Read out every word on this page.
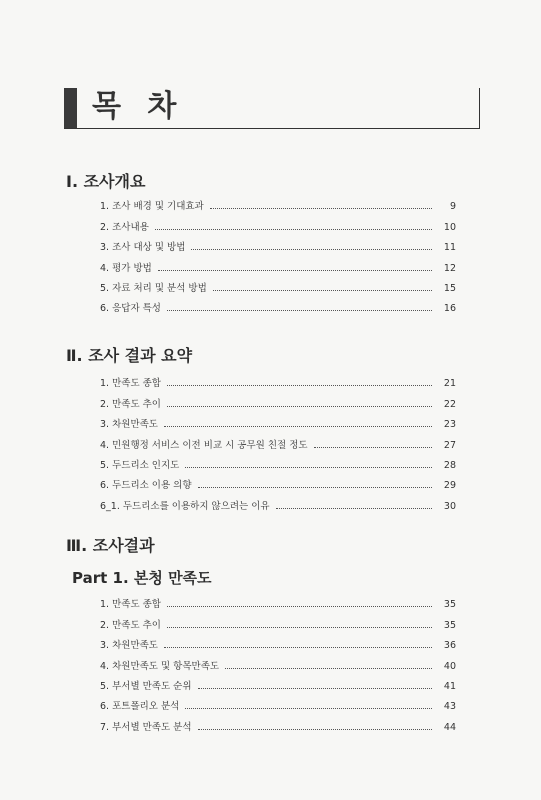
목 차
Ⅰ. 조사개요
1. 조사 배경 및 기대효과	9
2. 조사내용	10
3. 조사 대상 및 방법	11
4. 평가 방법	12
5. 자료 처리 및 분석 방법	15
6. 응답자 특성	16
Ⅱ. 조사 결과 요약
1. 만족도 종합	21
2. 만족도 추이	22
3. 차원만족도	23
4. 민원행정 서비스 이전 비교 시 공무원 친절 정도	27
5. 두드리소 인지도	28
6. 두드리소 이용 의향	29
6_1. 두드리소를 이용하지 않으려는 이유	30
Ⅲ. 조사결과
Part 1. 본청 만족도
1. 만족도 종합	35
2. 만족도 추이	35
3. 차원만족도	36
4. 차원만족도 및 항목만족도	40
5. 부서별 만족도 순위	41
6. 포트폴리오 분석	43
7. 부서별 만족도 분석	44
